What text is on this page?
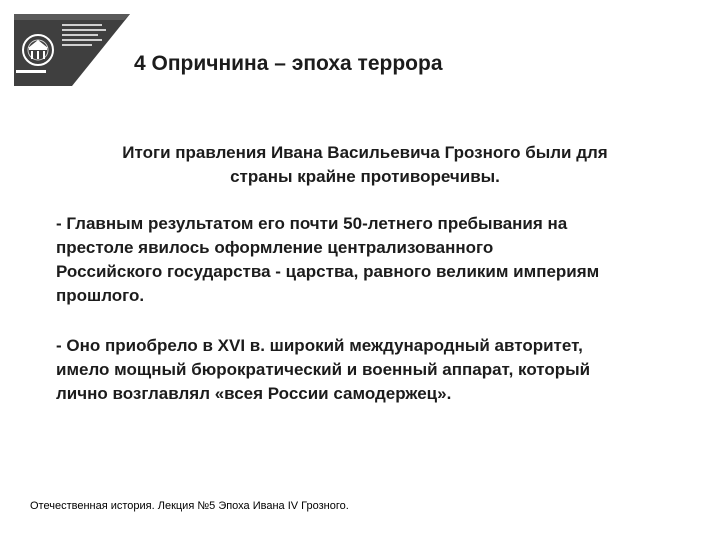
4 Опричнина – эпоха террора
Итоги правления Ивана Васильевича Грозного были для
страны крайне противоречивы.
- Главным результатом его почти 50-летнего пребывания на
престоле явилось оформление централизованного
Российского государства - царства, равного великим империям
прошлого.
- Оно приобрело в XVI в. широкий международный авторитет,
имело мощный бюрократический и военный аппарат, который
лично возглавлял «всея России самодержец».
Отечественная история. Лекция №5 Эпоха Ивана IV Грозного.
